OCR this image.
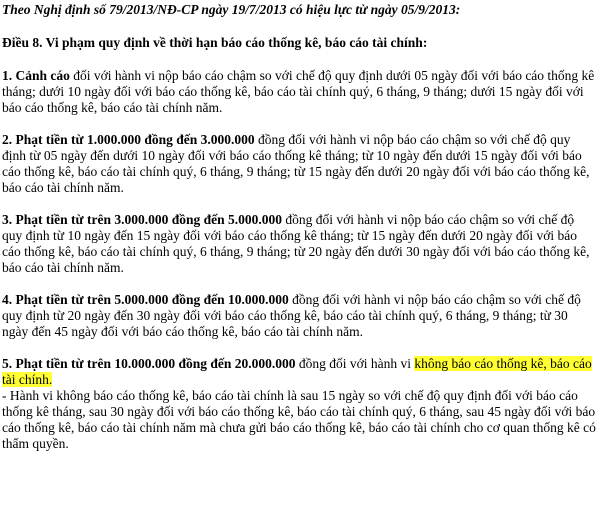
Theo Nghị định số 79/2013/NĐ-CP ngày 19/7/2013 có hiệu lực từ ngày 05/9/2013:
Điều 8. Vi phạm quy định về thời hạn báo cáo thống kê, báo cáo tài chính:
1. Cảnh cáo đối với hành vi nộp báo cáo chậm so với chế độ quy định dưới 05 ngày đối với báo cáo thống kê tháng; dưới 10 ngày đối với báo cáo thống kê, báo cáo tài chính quý, 6 tháng, 9 tháng; dưới 15 ngày đối với báo cáo thống kê, báo cáo tài chính năm.
2. Phạt tiền từ 1.000.000 đồng đến 3.000.000 đồng đối với hành vi nộp báo cáo chậm so với chế độ quy định từ 05 ngày đến dưới 10 ngày đối với báo cáo thống kê tháng; từ 10 ngày đến dưới 15 ngày đối với báo cáo thống kê, báo cáo tài chính quý, 6 tháng, 9 tháng; từ 15 ngày đến dưới 20 ngày đối với báo cáo thống kê, báo cáo tài chính năm.
3. Phạt tiền từ trên 3.000.000 đồng đến 5.000.000 đồng đối với hành vi nộp báo cáo chậm so với chế độ quy định từ 10 ngày đến 15 ngày đối với báo cáo thống kê tháng; từ 15 ngày đến dưới 20 ngày đối với báo cáo thống kê, báo cáo tài chính quý, 6 tháng, 9 tháng; từ 20 ngày đến dưới 30 ngày đối với báo cáo thống kê, báo cáo tài chính năm.
4. Phạt tiền từ trên 5.000.000 đồng đến 10.000.000 đồng đối với hành vi nộp báo cáo chậm so với chế độ quy định từ 20 ngày đến 30 ngày đối với báo cáo thống kê, báo cáo tài chính quý, 6 tháng, 9 tháng; từ 30 ngày đến 45 ngày đối với báo cáo thống kê, báo cáo tài chính năm.
5. Phạt tiền từ trên 10.000.000 đồng đến 20.000.000 đồng đối với hành vi không báo cáo thống kê, báo cáo tài chính.
- Hành vi không báo cáo thống kê, báo cáo tài chính là sau 15 ngày so với chế độ quy định đối với báo cáo thống kê tháng, sau 30 ngày đối với báo cáo thống kê, báo cáo tài chính quý, 6 tháng, sau 45 ngày đối với báo cáo thống kê, báo cáo tài chính năm mà chưa gửi báo cáo thống kê, báo cáo tài chính cho cơ quan thống kê có thẩm quyền.
